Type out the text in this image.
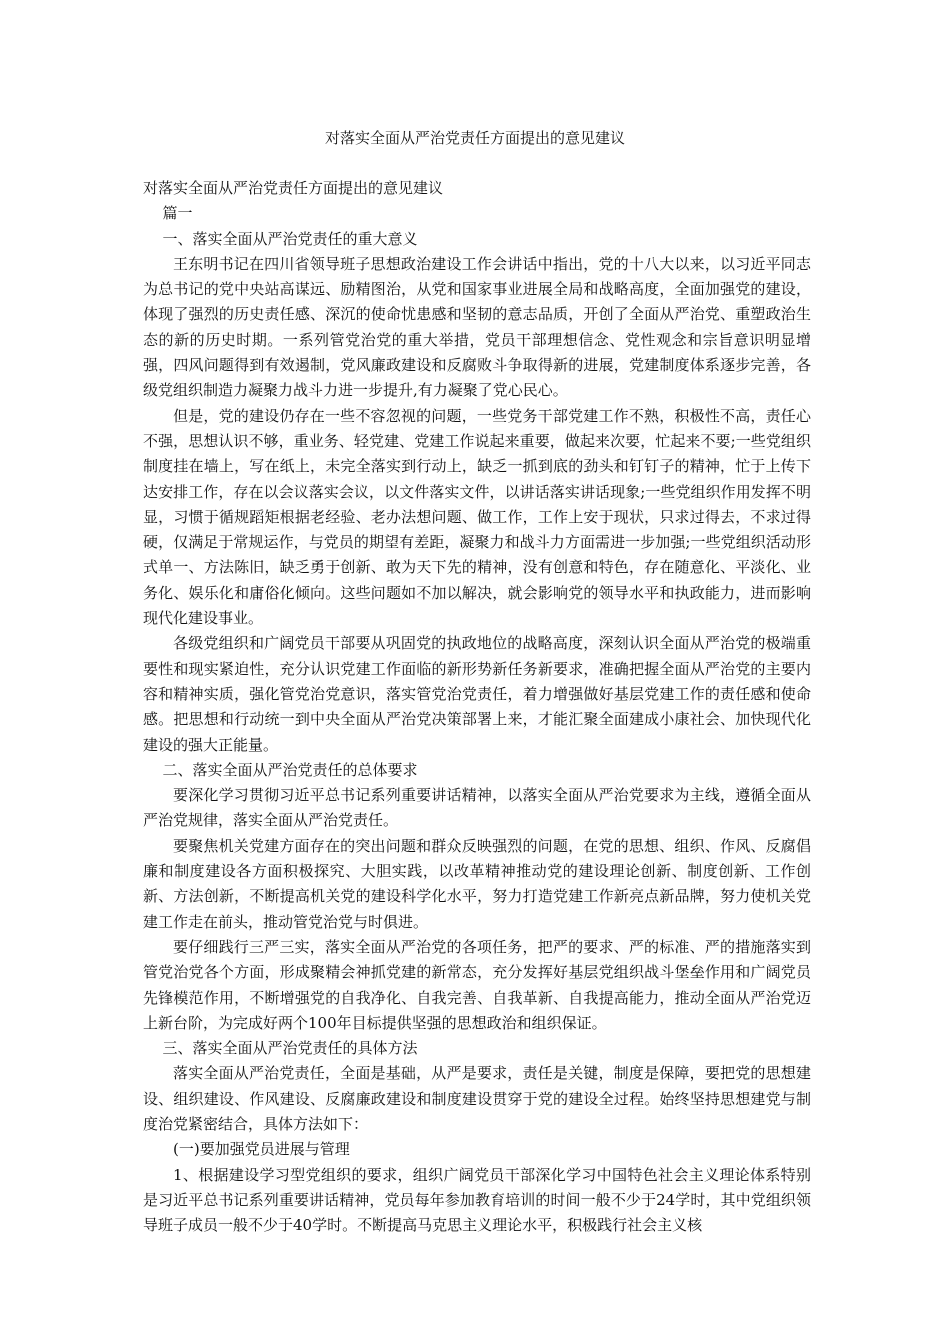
对落实全面从严治党责任方面提出的意见建议

对落实全面从严治党责任方面提出的意见建议

篇一

一、落实全面从严治党责任的重大意义

王东明书记在四川省领导班子思想政治建设工作会讲话中指出，党的十八大以来，以习近平同志为总书记的党中央站高谋远、励精图治，从党和国家事业进展全局和战略高度，全面加强党的建设，体现了强烈的历史责任感、深沉的使命忧患感和坚韧的意志品质，开创了全面从严治党、重塑政治生态的新的历史时期。一系列管党治党的重大举措，党员干部理想信念、党性观念和宗旨意识明显增强，四风问题得到有效遏制，党风廉政建设和反腐败斗争取得新的进展，党建制度体系逐步完善，各级党组织制造力凝聚力战斗力进一步提升,有力凝聚了党心民心。

但是，党的建设仍存在一些不容忽视的问题，一些党务干部党建工作不熟，积极性不高，责任心不强，思想认识不够，重业务、轻党建、党建工作说起来重要，做起来次要，忙起来不要;一些党组织制度挂在墙上，写在纸上，未完全落实到行动上，缺乏一抓到底的劲头和钉钉子的精神，忙于上传下达安排工作，存在以会议落实会议，以文件落实文件，以讲话落实讲话现象;一些党组织作用发挥不明显，习惯于循规蹈矩根据老经验、老办法想问题、做工作，工作上安于现状，只求过得去，不求过得硬，仅满足于常规运作，与党员的期望有差距，凝聚力和战斗力方面需进一步加强;一些党组织活动形式单一、方法陈旧，缺乏勇于创新、敢为天下先的精神，没有创意和特色，存在随意化、平淡化、业务化、娱乐化和庸俗化倾向。这些问题如不加以解决，就会影响党的领导水平和执政能力，进而影响现代化建设事业。

各级党组织和广阔党员干部要从巩固党的执政地位的战略高度，深刻认识全面从严治党的极端重要性和现实紧迫性，充分认识党建工作面临的新形势新任务新要求，准确把握全面从严治党的主要内容和精神实质，强化管党治党意识，落实管党治党责任，着力增强做好基层党建工作的责任感和使命感。把思想和行动统一到中央全面从严治党决策部署上来，才能汇聚全面建成小康社会、加快现代化建设的强大正能量。

二、落实全面从严治党责任的总体要求

要深化学习贯彻习近平总书记系列重要讲话精神，以落实全面从严治党要求为主线，遵循全面从严治党规律，落实全面从严治党责任。

要聚焦机关党建方面存在的突出问题和群众反映强烈的问题，在党的思想、组织、作风、反腐倡廉和制度建设各方面积极探究、大胆实践，以改革精神推动党的建设理论创新、制度创新、工作创新、方法创新，不断提高机关党的建设科学化水平，努力打造党建工作新亮点新品牌，努力使机关党建工作走在前头，推动管党治党与时俱进。

要仔细践行三严三实，落实全面从严治党的各项任务，把严的要求、严的标准、严的措施落实到管党治党各个方面，形成聚精会神抓党建的新常态，充分发挥好基层党组织战斗堡垒作用和广阔党员先锋模范作用，不断增强党的自我净化、自我完善、自我革新、自我提高能力，推动全面从严治党迈上新台阶，为完成好两个100年目标提供坚强的思想政治和组织保证。

三、落实全面从严治党责任的具体方法

落实全面从严治党责任，全面是基础，从严是要求，责任是关键，制度是保障，要把党的思想建设、组织建设、作风建设、反腐廉政建设和制度建设贯穿于党的建设全过程。始终坚持思想建党与制度治党紧密结合，具体方法如下：

(一)要加强党员进展与管理

1、根据建设学习型党组织的要求，组织广阔党员干部深化学习中国特色社会主义理论体系特别是习近平总书记系列重要讲话精神，党员每年参加教育培训的时间一般不少于24学时，其中党组织领导班子成员一般不少于40学时。不断提高马克思主义理论水平，积极践行社会主义核
